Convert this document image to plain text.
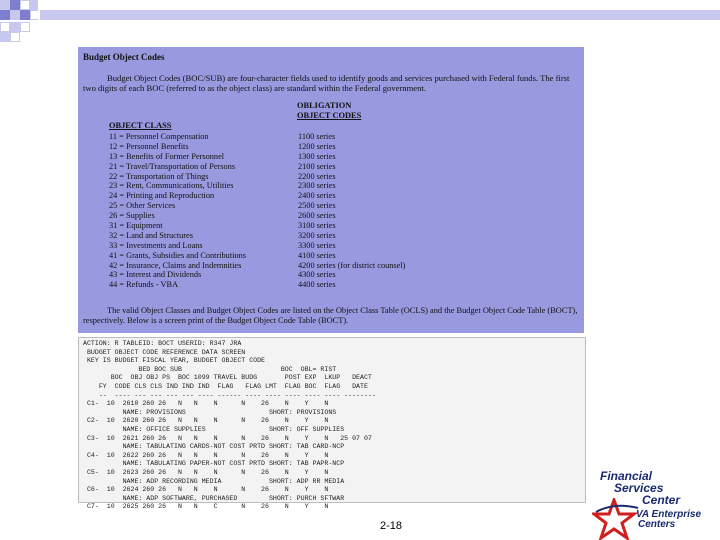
Budget Object Codes
Budget Object Codes (BOC/SUB) are four-character fields used to identify goods and services purchased with Federal funds. The first two digits of each BOC (referred to as the object class) are standard within the Federal government.
OBLIGATION
OBJECT CODES
OBJECT CLASS
11 = Personnel Compensation	1100 series
12 = Personnel Benefits	1200 series
13 = Benefits of Former Personnel	1300 series
21 = Travel/Transportation of Persons	2100 series
22 = Transportation of Things	2200 series
23 = Rent, Communications, Utilities	2300 series
24 = Printing and Reproduction	2400 series
25 = Other Services	2500 series
26 = Supplies	2600 series
31 = Equipment	3100 series
32 = Land and Structures	3200 series
33 = Investments and Loans	3300 series
41 = Grants, Subsidies and Contributions	4100 series
42 = Insurance, Claims and Indemnities	4200 series (for district counsel)
43 = Interest and Dividends	4300 series
44 = Refunds - VBA	4400 series
The valid Object Classes and Budget Object Codes are listed on the Object Class Table (OCLS) and the Budget Object Code Table (BOCT), respectively. Below is a screen print of the Budget Object Code Table (BOCT).
ACTION: R TABLEID: BOCT USERID: R347 JRA
BUDGET OBJECT CODE REFERENCE DATA SCREEN
KEY IS BUDGET FISCAL YEAR, BUDGET OBJECT CODE
BED BOC SUB                         BOC  OBL= RIST
BOC  OBJ OBJ PS  BOC 1099 TRAVEL BUDG       POST EXP  LKUP   DEACT
FY  CODE CLS CLS IND IND IND  FLAG   FLAG LMT  FLAG BOC  FLAG   DATE
--  ---- --- --- --- --- ---- ------ ---- ---- ---- ---- ---- --------
C1-  10  2610 260 26   N   N    N      N    26    N    Y    N
NAME: PROVISIONS                     SHORT: PROVISIONS
C2-  10  2620 260 26   N   N    N      N    26    N    Y    N
NAME: OFFICE SUPPLIES                SHORT: OFF SUPPLIES
C3-  10  2621 260 26   N   N    N      N    26    N    Y    N   25 07 07
NAME: TABULATING CARDS-NOT COST PRTD SHORT: TAB CARD-NCP
C4-  10  2622 260 26   N   N    N      N    26    N    Y    N
NAME: TABULATING PAPER-NOT COST PRTD SHORT: TAB PAPR-NCP
C5-  10  2623 260 26   N   N    N      N    26    N    Y    N
NAME: ADP RECORDING MEDIA            SHORT: ADP RR MEDIA
C6-  10  2624 260 26   N   N    N      N    26    N    Y    N
NAME: ADP SOFTWARE, PURCHASED        SHORT: PURCH SFTWAR
C7-  10  2625 260 26   N   N    C      N    26    N    Y    N
2-18
Financial
Services
Center
VA Enterprise
Centers
